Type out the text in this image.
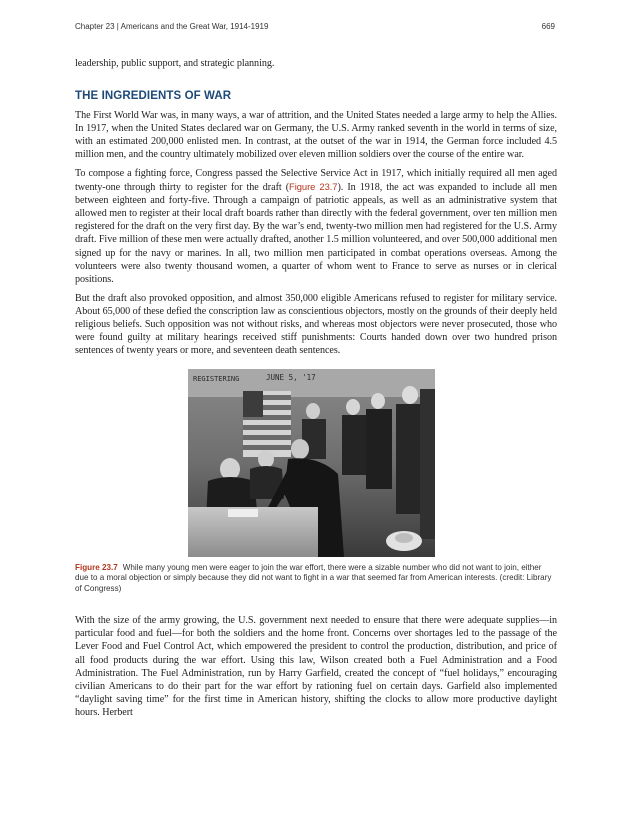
Chapter 23 | Americans and the Great War, 1914-1919	669

leadership, public support, and strategic planning.

THE INGREDIENTS OF WAR

The First World War was, in many ways, a war of attrition, and the United States needed a large army to help the Allies. In 1917, when the United States declared war on Germany, the U.S. Army ranked seventh in the world in terms of size, with an estimated 200,000 enlisted men. In contrast, at the outset of the war in 1914, the German force included 4.5 million men, and the country ultimately mobilized over eleven million soldiers over the course of the entire war.

To compose a fighting force, Congress passed the Selective Service Act in 1917, which initially required all men aged twenty-one through thirty to register for the draft (Figure 23.7). In 1918, the act was expanded to include all men between eighteen and forty-five. Through a campaign of patriotic appeals, as well as an administrative system that allowed men to register at their local draft boards rather than directly with the federal government, over ten million men registered for the draft on the very first day. By the war’s end, twenty-two million men had registered for the U.S. Army draft. Five million of these men were actually drafted, another 1.5 million volunteered, and over 500,000 additional men signed up for the navy or marines. In all, two million men participated in combat operations overseas. Among the volunteers were also twenty thousand women, a quarter of whom went to France to serve as nurses or in clerical positions.

But the draft also provoked opposition, and almost 350,000 eligible Americans refused to register for military service. About 65,000 of these defied the conscription law as conscientious objectors, mostly on the grounds of their deeply held religious beliefs. Such opposition was not without risks, and whereas most objectors were never prosecuted, those who were found guilty at military hearings received stiff punishments: Courts handed down over two hundred prison sentences of twenty years or more, and seventeen death sentences.

REGISTERING	JUNE 5, '17
Figure 23.7 While many young men were eager to join the war effort, there were a sizable number who did not want to join, either due to a moral objection or simply because they did not want to fight in a war that seemed far from American interests. (credit: Library of Congress)

With the size of the army growing, the U.S. government next needed to ensure that there were adequate supplies—in particular food and fuel—for both the soldiers and the home front. Concerns over shortages led to the passage of the Lever Food and Fuel Control Act, which empowered the president to control the production, distribution, and price of all food products during the war effort. Using this law, Wilson created both a Fuel Administration and a Food Administration. The Fuel Administration, run by Harry Garfield, created the concept of “fuel holidays,” encouraging civilian Americans to do their part for the war effort by rationing fuel on certain days. Garfield also implemented “daylight saving time” for the first time in American history, shifting the clocks to allow more productive daylight hours. Herbert
